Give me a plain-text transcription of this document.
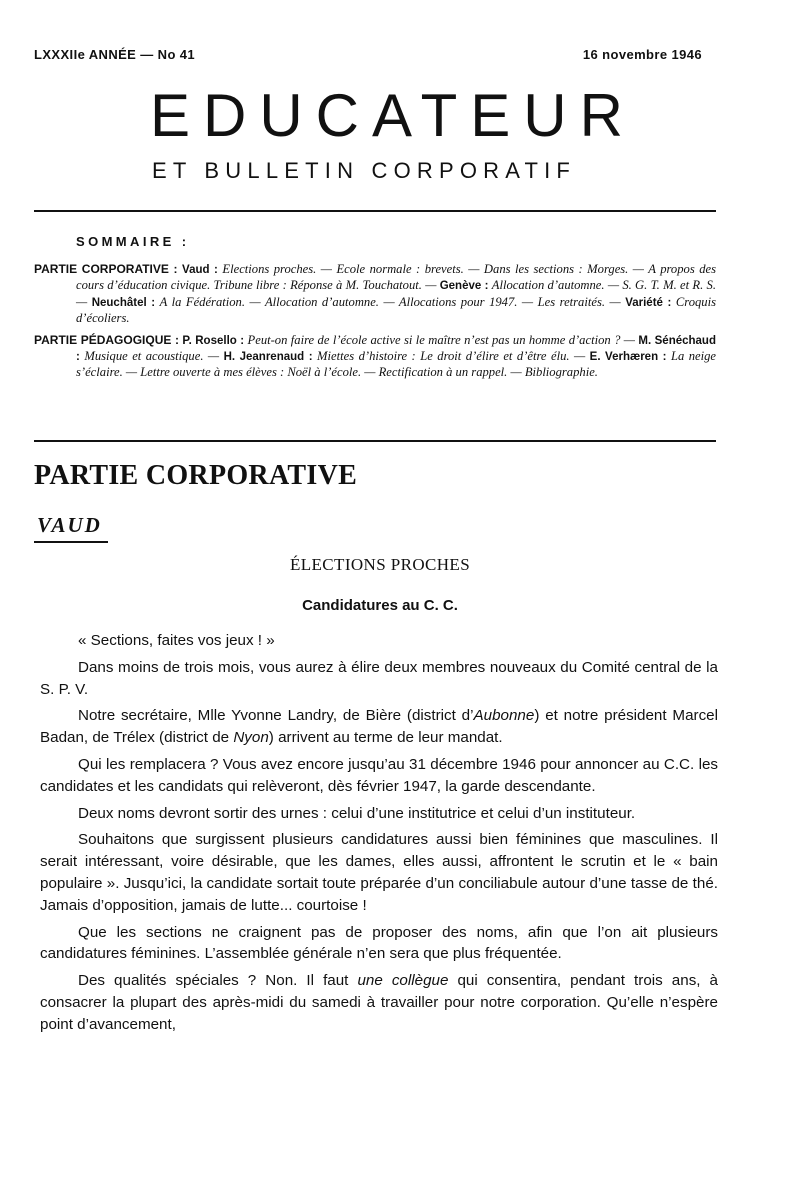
LXXXIIe ANNÉE — No 41	16 novembre 1946
EDUCATEUR
ET BULLETIN CORPORATIF
SOMMAIRE :
PARTIE CORPORATIVE : Vaud : Elections proches. — Ecole normale : brevets. — Dans les sections : Morges. — A propos des cours d’éducation civique. Tribune libre : Réponse à M. Touchatout. — Genève : Allocation d’automne. — S. G. T. M. et R. S. — Neuchâtel : A la Fédération. — Allocation d’automne. — Allocations pour 1947. — Les retraités. — Variété : Croquis d’écoliers.
PARTIE PÉDAGOGIQUE : P. Rosello : Peut-on faire de l’école active si le maître n’est pas un homme d’action ? — M. Sénéchaud : Musique et acoustique. — H. Jeanrenaud : Miettes d’histoire : Le droit d’élire et d’être élu. — E. Verhæren : La neige s’éclaire. — Lettre ouverte à mes élèves : Noël à l’école. — Rectification à un rappel. — Bibliographie.
PARTIE CORPORATIVE
VAUD
ÉLECTIONS PROCHES
Candidatures au C. C.

« Sections, faites vos jeux ! »

Dans moins de trois mois, vous aurez à élire deux membres nouveaux du Comité central de la S. P. V.

Notre secrétaire, Mlle Yvonne Landry, de Bière (district d’Aubonne) et notre président Marcel Badan, de Trélex (district de Nyon) arrivent au terme de leur mandat.

Qui les remplacera ? Vous avez encore jusqu’au 31 décembre 1946 pour annoncer au C.C. les candidates et les candidats qui relèveront, dès février 1947, la garde descendante.

Deux noms devront sortir des urnes : celui d’une institutrice et celui d’un instituteur.

Souhaitons que surgissent plusieurs candidatures aussi bien féminines que masculines. Il serait intéressant, voire désirable, que les dames, elles aussi, affrontent le scrutin et le « bain populaire ». Jusqu’ici, la candidate sortait toute préparée d’un conciliabule autour d’une tasse de thé. Jamais d’opposition, jamais de lutte... courtoise !

Que les sections ne craignent pas de proposer des noms, afin que l’on ait plusieurs candidatures féminines. L’assemblée générale n’en sera que plus fréquentée.

Des qualités spéciales ? Non. Il faut une collègue qui consentira, pendant trois ans, à consacrer la plupart des après-midi du samedi à travailler pour notre corporation. Qu’elle n’espère point d’avancement,
